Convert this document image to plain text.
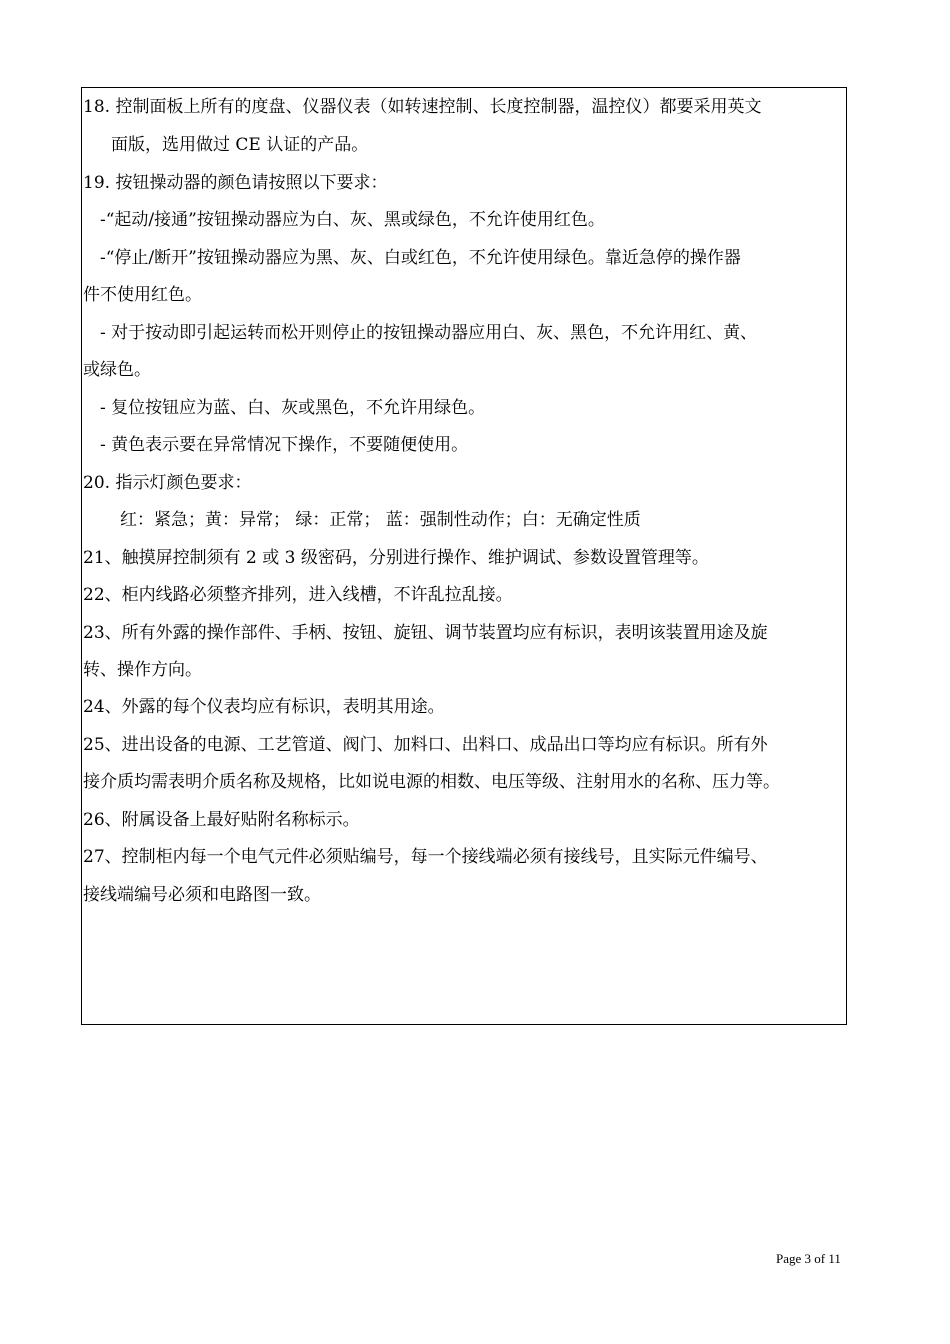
18. 控制面板上所有的度盘、仪器仪表（如转速控制、长度控制器，温控仪）都要采用英文
面版，选用做过 CE 认证的产品。
19. 按钮操动器的颜色请按照以下要求：
-“起动/接通”按钮操动器应为白、灰、黑或绿色，不允许使用红色。
-“停止/断开”按钮操动器应为黑、灰、白或红色，不允许使用绿色。靠近急停的操作器
件不使用红色。
- 对于按动即引起运转而松开则停止的按钮操动器应用白、灰、黑色，不允许用红、黄、
或绿色。
- 复位按钮应为蓝、白、灰或黑色，不允许用绿色。
- 黄色表示要在异常情况下操作，不要随便使用。
20. 指示灯颜色要求：
红：紧急；黄：异常； 绿：正常； 蓝：强制性动作；白：无确定性质
21、触摸屏控制须有 2 或 3 级密码，分别进行操作、维护调试、参数设置管理等。
22、柜内线路必须整齐排列，进入线槽，不许乱拉乱接。
23、所有外露的操作部件、手柄、按钮、旋钮、调节装置均应有标识，表明该装置用途及旋
转、操作方向。
24、外露的每个仪表均应有标识，表明其用途。
25、进出设备的电源、工艺管道、阀门、加料口、出料口、成品出口等均应有标识。所有外
接介质均需表明介质名称及规格，比如说电源的相数、电压等级、注射用水的名称、压力等。
26、附属设备上最好贴附名称标示。
27、控制柜内每一个电气元件必须贴编号，每一个接线端必须有接线号，且实际元件编号、
接线端编号必须和电路图一致。
Page 3 of 11
